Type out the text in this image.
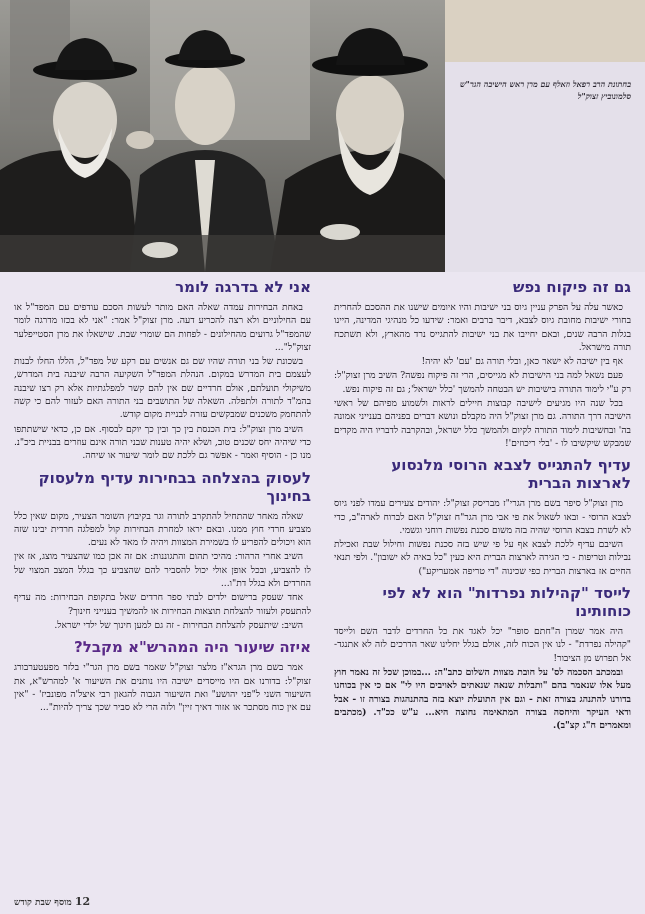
בחתונת הרב רפאל וזאלף עם מרן ראש הישיבה הגר"ש סלמונוביץ זצוק"ל
גם זה פיקוח נפש

כאשר עלה על הפרק עניין גיוס בני ישיבות והיו איומים שישנו את ההסכם להחרית בחורי ישיבות מחובת גיוס לצבא, דיבר ברבים ואמר: שידעו כל מנהיגי המדינה, היינו בגלות הרבה שנים, ובאם יחייבו את בני ישיבות להתגייס נרד מהארץ, ולא תשתכח תורה מישראל.

אף בין ישיבה לא ישאר כאן, ובלי תורה גם 'עם' לא יהיה!

פעם נשאל למה בני הישיבות לא מגייסים, הרי זה פיקוח נפשה? השיב מרן זצוק"ל: רק ע"י לימוד התורה בישיבות יש הבטחה להמשך 'כלל ישראל'; גם זה פיקוח נפש.

בכל שנה היו מגיעים לישיבה קבוצות חיילים לראות ולשמוע מפיהם של ראשי הישיבה דרך התורה. גם מרן זצוק"ל היה מקבלם ונושא דברים בפניהם בענייני אמונה בה' ובחשיבות לימוד התורה לקיום ולהמשך כלל ישראל, ובהקרבה לדבריו היה מקדים שמבקש שיקשיבו לו - 'בלי ריכוזים'!

עדיף להתגייס לצבא הרוסי מלנסוע לארצות הברית

מרן זצוק"ל סיפר בשם מרן הגרי"ז מבריסק זצוק"ל: יהודים צעירים עמדו לפני גיוס לצבא הרוסי - ובאו לשאול את פי אבי מרן הגר"ח זצוק"ל האם לברוח לארה"ב, כדי לא לשרת בצבא הרוסי שהיה בזה משום סכנת נפשות רוחני וגשמי.

השיבם עדיף ללכת לצבא אף על פי שיש בזה סכנת נפשות וחילול שבת ואכילת נבילות וטריפות - כי הגירה לארצות הברית היא כעין "כל באיה לא ישובון". ולפי תנאי החיים אז בארצות הברית כפי שכינוה "די טריפה אמעריקע")

לייסד "קהילות נפרדות" הוא לא לפי כוחותינו

היה אמר שמרן ה"חתם סופר" יכל לאגד את כל החרדים לדבר השם ולייסד "קהילה נפרדת" - לנו אין הכוח לזה, אולם בגלל יחלינו שאר הדרכים לזה לא אתנגד- אל תפרוש מן הציבור!

ובמכתב הסכמה לס' על חובת מצוות השלום כתב"ה: ...במוכן שכל זה נאמר חוץ מעל אלו שנאמר בהם "ותבלות שנאה שנאתים לאויבים היו לי" אם כי אין בכוחנו בדורנו להתנהג בצורה זאת - וגם אין התועלת יוצא בזה בהתנהגות בצורה זו - אבל ודאי העיקר והיחסה בצורה המתאימה נחוצה היא... ע"ש ככ"ד. (מכתבים ומאמרים ח"ג קצ"ב).

אני לא בדרגה לומר

באחת הבחירות עמדה שאלה האם מותר לעשות הסכם עודפים עם המפד"ל או עם החילוניים ולא רצה להכריע דעה. מרן זצוק"ל אמר: "אני לא בכזו מדרגה לומר שהמפד"ל גרועים מהחילונים - לפחות הם שומרי שבת. שישאלו את מרן הסטייפלער זצוק"ל"...

בשכונת של בני תורה שהיו שם גם אנשים עם רקע של מפד"ל, הללו החלו לבנות לעצמם בית המדרש במקום. הנהלת המפד"ל השקיעה הרבה שיבנה בית המדרש, משיקולי תועלתם, אולם חרדיים שם אין להם קשר למפלגתיות אלא רק רצו שיבנה בהמ"ד לתורה ולתפלה. השאלה של התושבים בני התורה האם לעזור להם כי קשה להתחמק משכנים שמבקשים עזרה לבניית מקום קודש.

השיב מרן זצוק"ל: בית הכנסת בין כך ובין כך יוקם לבסוף. אם כן, כדאי שישתתפו כדי שיהיה יחס שכנים טוב, ושלא יהיה טענות שבני תורה אינם עוזרים בבניית ביכ"נ. מנו כן - הוסיף ואמר - אפשר גם ללכת שם לומר שיעור או שיחה.

לעסוק בהצלחה בבחירות עדיף מלעסוק בחינוך

שאלה מאחר שהתחיל להתקרב לתורה וגר בקיבוץ השומר הצעיר, מקום שאין כלל מצביע חרדי חוץ ממנו. ובאם יראו למחרת הבחירות קול למפלגה חרדית יבינו שזה הוא ויכולים להפריע לו בשמירת המצוות ויהיה לו מאד לא נעים.

השיב אחרי הרהור: מהיכי תהום והתגוננות: אם זה אכן כמו שהצעיר מוצג, אז אין לו להצביע, ובכל אופן אולי יכול להסביר להם שהצביע כך בגלל המצב המצוי של החרדים ולא בגלל דת"ו...

אחד שעסק ברישום ילדים לבתי ספר חרדים שאל בתקופת הבחירות: מה עדיף להתעסק ולעזור להצלחת תוצאות הבחירות או להמשיך בענייני חינוך?

השיב: שיתעסק להצלחת הבחירות - זה גם למען חינוך של ילדי ישראל.

איזה שיעור היה המהרש"א מקבל?

אמר בשם מרן הגרא"ז מלצר זצוק"ל שאמר בשם מרן הגר"י בלזר מפעטערבורג זצוק"ל: בדורנו אם היו מייסדים ישיבה היו נותנים את השיעור א' למהרש"א, את השיעור השני ל"פני יהושע" ואת השיעור הגבוה להגאון רבי איצל'ה מפונביז' - "אין עם אין כוח מסתכר או אזור דאיך זיין" ולזה הרי לא סביר שכך צריך להיות"...

מוסף שבת קודש 12
